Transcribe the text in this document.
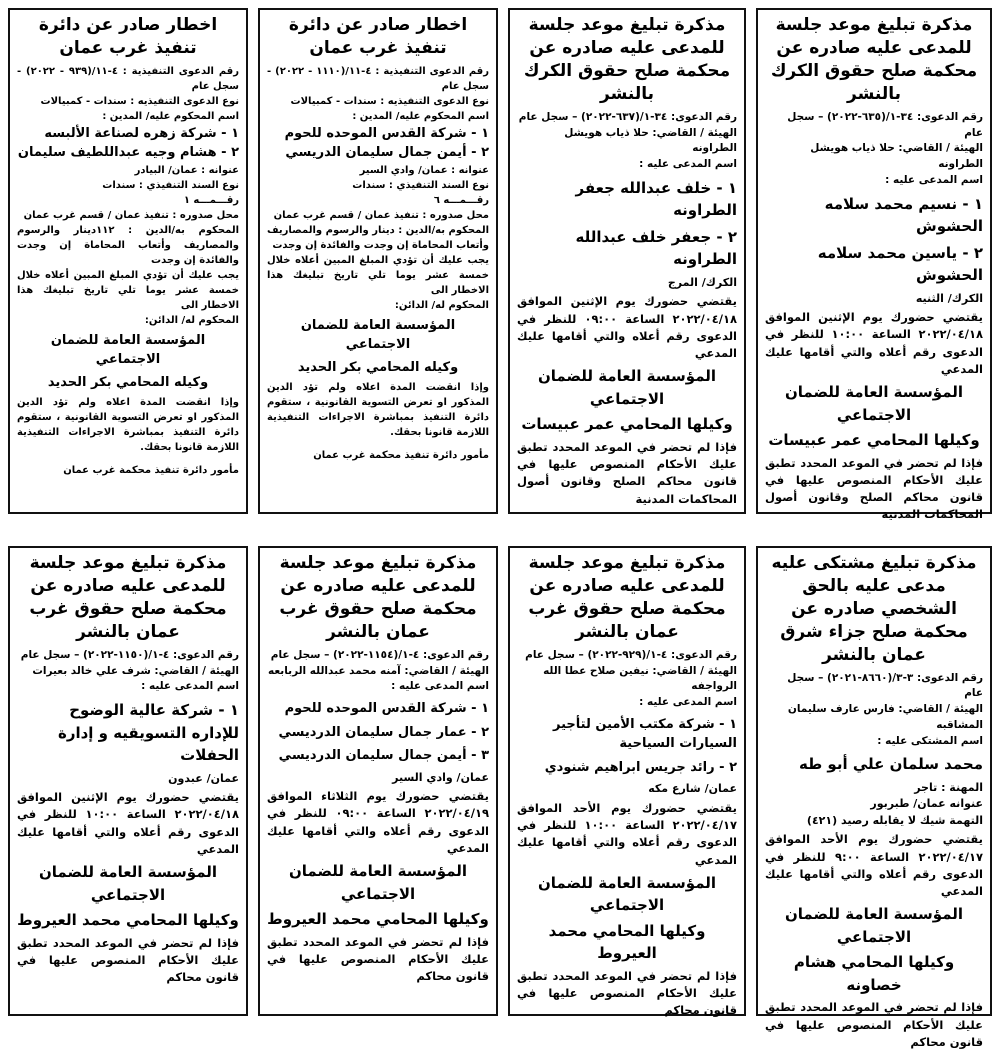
مذكرة تبليغ موعد جلسة للمدعى عليه صادره عن محكمة صلح حقوق الكرك بالنشر

رقم الدعوى: ٣٤-١/(٦٣٥-٢٠٢٢) – سجل عام

الهيئة / القاضي: حلا ذياب هويشل الطراونه

اسم المدعى عليه :

١ - نسيم محمد سلامه الحشوش

٢ - ياسين محمد سلامه الحشوش

الكرك/ الثنيه

يقتضي حضورك يوم الإثنين الموافق ٢٠٢٢/٠٤/١٨ الساعة ١٠:٠٠ للنظر في الدعوى رقم أعلاه والتي أقامها عليك المدعي

المؤسسة العامة للضمان الاجتماعي

وكيلها المحامي عمر عبيسات

فإذا لم تحضر في الموعد المحدد تطبق عليك الأحكام المنصوص عليها في قانون محاكم الصلح وقانون أصول المحاكمات المدنية

مذكرة تبليغ موعد جلسة للمدعى عليه صادره عن محكمة صلح حقوق الكرك بالنشر

رقم الدعوى: ٣٤-١/(٦٣٧-٢٠٢٢) – سجل عام

الهيئة / القاضي: حلا ذياب هويشل الطراونه

اسم المدعى عليه :

١ - خلف عبدالله جعفر الطراونه

٢ - جعفر خلف عبدالله الطراونه

الكرك/ المرج

يقتضي حضورك يوم الإثنين الموافق ٢٠٢٢/٠٤/١٨ الساعة ٠٩:٠٠ للنظر في الدعوى رقم أعلاه والتي أقامها عليك المدعي

المؤسسة العامة للضمان الاجتماعي

وكيلها المحامي عمر عبيسات

فإذا لم تحضر في الموعد المحدد تطبق عليك الأحكام المنصوص عليها في قانون محاكم الصلح وقانون أصول المحاكمات المدنية

اخطار صادر عن دائرة تنفيذ غرب عمان

رقم الدعوى التنفيذية : ٤-١١/(١١١٠ - ٢٠٢٢) - سجل عام

نوع الدعوى التنفيذيه : سندات - كمبيالات

اسم المحكوم عليه/ المدين :

١ - شركة القدس الموحده للحوم

٢ - أيمن جمال سليمان الدريسي

عنوانه : عمان/ وادي السير

نوع السند التنفيذي : سندات

رقـــمـــه ٦

محل صدوره : تنفيذ عمان / قسم غرب عمان

المحكوم به/الدين : دينار والرسوم والمصاريف وأتعاب المحاماة إن وجدت والفائدة إن وجدت

يجب عليك أن تؤدي المبلغ المبين أعلاه خلال خمسة عشر يوما تلي تاريخ تبليغك هذا الاخطار الى

المحكوم له/ الدائن:

المؤسسة العامة للضمان الاجتماعي

وكيله المحامي بكر الحديد

وإذا انقضت المدة اعلاه ولم تؤد الدين المذكور او تعرض التسوية القانونية ، ستقوم دائرة التنفيذ بمباشرة الاجراءات التنفيذية اللازمة قانونا بحقك.

مأمور دائرة تنفيذ محكمة غرب عمان

اخطار صادر عن دائرة تنفيذ غرب عمان

رقم الدعوى التنفيذية : ٤-١١/(٩٣٩ - ٢٠٢٢) - سجل عام

نوع الدعوى التنفيذيه : سندات - كمبيالات

اسم المحكوم عليه/ المدين :

١ - شركة زهره لصناعة الألبسه

٢ - هشام وجيه عبداللطيف سليمان

عنوانه : عمان/ البيادر

نوع السند التنفيذي : سندات

رقـــمـــه ١

محل صدوره : تنفيذ عمان / قسم غرب عمان

المحكوم به/الدين : ١١٢دينار والرسوم والمصاريف وأتعاب المحاماة إن وجدت والفائدة إن وجدت

يجب عليك أن تؤدي المبلغ المبين أعلاه خلال خمسة عشر يوما تلي تاريخ تبليغك هذا الاخطار الى

المحكوم له/ الدائن:

المؤسسة العامة للضمان الاجتماعي

وكيله المحامي بكر الحديد

وإذا انقضت المدة اعلاه ولم تؤد الدين المذكور او تعرض التسوية القانونية ، ستقوم دائرة التنفيذ بمباشرة الاجراءات التنفيذية اللازمة قانونا بحقك.

مأمور دائرة تنفيذ محكمة غرب عمان

مذكرة تبليغ مشتكى عليه مدعى عليه بالحق الشخصي صادره عن محكمة صلح جزاء شرق عمان بالنشر

رقم الدعوى: ٣-٣/(٨٦٦٠-٢٠٢١) – سجل عام

الهيئة / القاضي: فارس عارف سليمان المشاقبه

اسم المشتكى عليه :

محمد سلمان علي أبو طه

المهنة : تاجر

عنوانه عمان/ طبربور

التهمة شيك لا يقابله رصيد (٤٢١)

يقتضي حضورك يوم الأحد الموافق ٢٠٢٢/٠٤/١٧ الساعة ٩:٠٠ للنظر في الدعوى رقم أعلاه والتي أقامها عليك المدعي

المؤسسة العامة للضمان الاجتماعي

وكيلها المحامي هشام خصاونه

فإذا لم تحضر في الموعد المحدد تطبق عليك الأحكام المنصوص عليها في قانون محاكم

مذكرة تبليغ موعد جلسة للمدعى عليه صادره عن محكمة صلح حقوق غرب عمان بالنشر

رقم الدعوى: ٤-١/(٩٢٩-٢٠٢٢) – سجل عام

الهيئة / القاضي: نيفين صلاح عطا الله الرواجفه

اسم المدعى عليه :

١ - شركة مكتب الأمين لتأجير السيارات السياحية

٢ - رائد جريس ابراهيم شنودي

عمان/ شارع مكه

يقتضي حضورك يوم الأحد الموافق ٢٠٢٢/٠٤/١٧ الساعة ١٠:٠٠ للنظر في الدعوى رقم أعلاه والتي أقامها عليك المدعي

المؤسسة العامة للضمان الاجتماعي

وكيلها المحامي محمد العيروط

فإذا لم تحضر في الموعد المحدد تطبق عليك الأحكام المنصوص عليها في قانون محاكم

مذكرة تبليغ موعد جلسة للمدعى عليه صادره عن محكمة صلح حقوق غرب عمان بالنشر

رقم الدعوى: ٤-١/(١١٥٤-٢٠٢٢) – سجل عام

الهيئة / القاضي: آمنه محمد عبدالله الربابعه

اسم المدعى عليه :

١ - شركة القدس الموحده للحوم

٢ - عمار جمال سليمان الدرديسي

٣ - أيمن جمال سليمان الدرديسي

عمان/ وادي السير

يقتضي حضورك يوم الثلاثاء الموافق ٢٠٢٢/٠٤/١٩ الساعة ٠٩:٠٠ للنظر في الدعوى رقم أعلاه والتي أقامها عليك المدعي

المؤسسة العامة للضمان الاجتماعي

وكيلها المحامي محمد العيروط

فإذا لم تحضر في الموعد المحدد تطبق عليك الأحكام المنصوص عليها في قانون محاكم

مذكرة تبليغ موعد جلسة للمدعى عليه صادره عن محكمة صلح حقوق غرب عمان بالنشر

رقم الدعوى: ٤-١/(١١٥٠-٢٠٢٢) – سجل عام

الهيئة / القاضي: شرف علي خالد بعيرات

اسم المدعى عليه :

١ - شركة عالية الوضوح للإداره التسويقيه و إدارة الحفلات

عمان/ عبدون

يقتضي حضورك يوم الإثنين الموافق ٢٠٢٢/٠٤/١٨ الساعة ١٠:٠٠ للنظر في الدعوى رقم أعلاه والتي أقامها عليك المدعي

المؤسسة العامة للضمان الاجتماعي

وكيلها المحامي محمد العيروط

فإذا لم تحضر في الموعد المحدد تطبق عليك الأحكام المنصوص عليها في قانون محاكم
